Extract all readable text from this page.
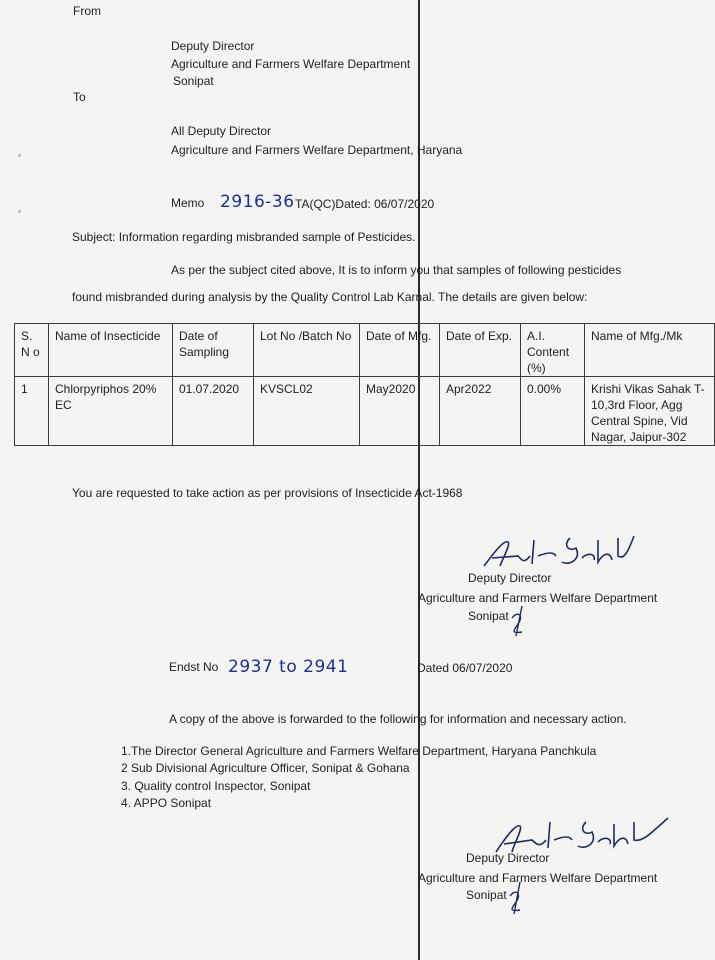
From
Deputy Director
Agriculture and Farmers Welfare Department
Sonipat
To
All Deputy Director
Agriculture and Farmers Welfare Department, Haryana
Memo 2916-36 TA(QC)Dated: 06/07/2020
Subject: Information regarding misbranded sample of Pesticides.
As per the subject cited above, It is to inform you that samples of following pesticides
found misbranded during analysis by the Quality Control Lab Karnal. The details are given below:
S. N o	Name of Insecticide	Date of Sampling	Lot No /Batch No	Date of Mfg.	Date of Exp.	A.I. Content (%)	Name of Mfg./Mk
1	Chlorpyriphos 20% EC	01.07.2020	KVSCL02	May2020	Apr2022	0.00%	Krishi Vikas Sahak T-10,3rd Floor, Agg Central Spine, Vid Nagar, Jaipur-302
You are requested to take action as per provisions of Insecticide Act-1968
Deputy Director
Agriculture and Farmers Welfare Department
Sonipat
Endst No 2937 to 2941	Dated 06/07/2020
A copy of the above is forwarded to the following for information and necessary action.
1.The Director General Agriculture and Farmers Welfare Department, Haryana Panchkula
2 Sub Divisional Agriculture Officer, Sonipat & Gohana
3. Quality control Inspector, Sonipat
4. APPO Sonipat
Deputy Director
Agriculture and Farmers Welfare Department
Sonipat
